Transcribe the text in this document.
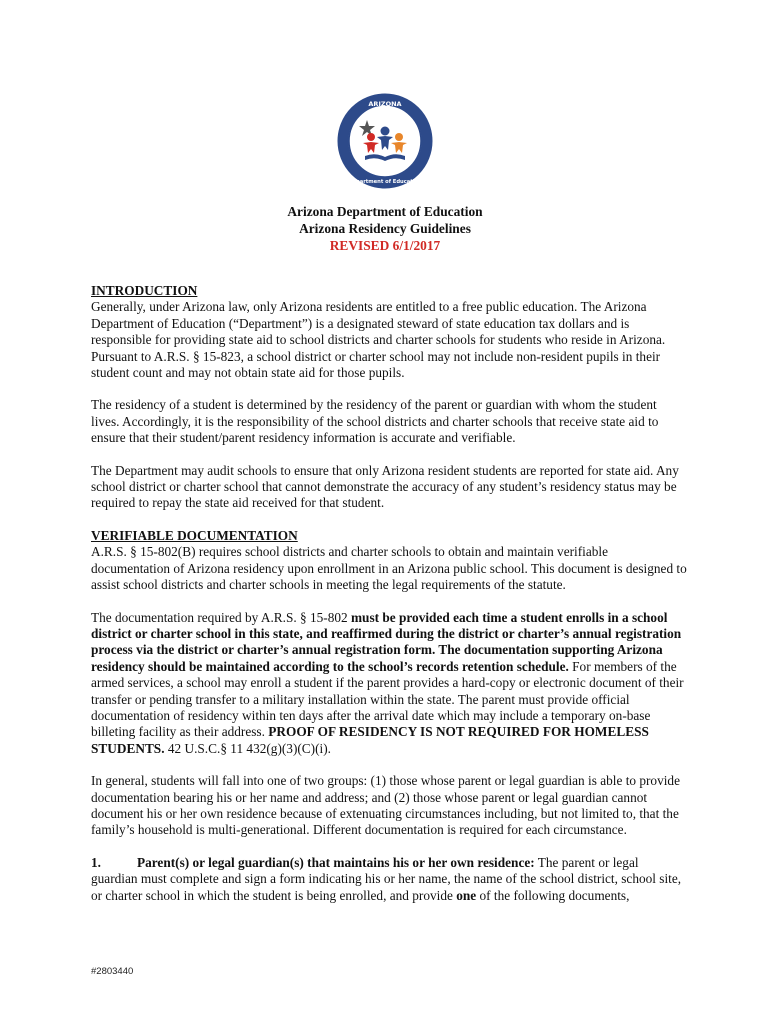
ARIZONA
Department of Education
Arizona Department of Education
Arizona Residency Guidelines
REVISED 6/1/2017

INTRODUCTION

Generally, under Arizona law, only Arizona residents are entitled to a free public education. The Arizona Department of Education (“Department”) is a designated steward of state education tax dollars and is responsible for providing state aid to school districts and charter schools for students who reside in Arizona. Pursuant to A.R.S. § 15-823, a school district or charter school may not include non-resident pupils in their student count and may not obtain state aid for those pupils.

The residency of a student is determined by the residency of the parent or guardian with whom the student lives. Accordingly, it is the responsibility of the school districts and charter schools that receive state aid to ensure that their student/parent residency information is accurate and verifiable.

The Department may audit schools to ensure that only Arizona resident students are reported for state aid. Any school district or charter school that cannot demonstrate the accuracy of any student’s residency status may be required to repay the state aid received for that student.

VERIFIABLE DOCUMENTATION

A.R.S. § 15-802(B) requires school districts and charter schools to obtain and maintain verifiable documentation of Arizona residency upon enrollment in an Arizona public school. This document is designed to assist school districts and charter schools in meeting the legal requirements of the statute.

The documentation required by A.R.S. § 15-802 must be provided each time a student enrolls in a school district or charter school in this state, and reaffirmed during the district or charter’s annual registration process via the district or charter’s annual registration form. The documentation supporting Arizona residency should be maintained according to the school’s records retention schedule. For members of the armed services, a school may enroll a student if the parent provides a hard-copy or electronic document of their transfer or pending transfer to a military installation within the state. The parent must provide official documentation of residency within ten days after the arrival date which may include a temporary on-base billeting facility as their address. PROOF OF RESIDENCY IS NOT REQUIRED FOR HOMELESS STUDENTS. 42 U.S.C.§ 11 432(g)(3)(C)(i).

In general, students will fall into one of two groups: (1) those whose parent or legal guardian is able to provide documentation bearing his or her name and address; and (2) those whose parent or legal guardian cannot document his or her own residence because of extenuating circumstances including, but not limited to, that the family’s household is multi-generational. Different documentation is required for each circumstance.

1.	Parent(s) or legal guardian(s) that maintains his or her own residence: The parent or legal guardian must complete and sign a form indicating his or her name, the name of the school district, school site, or charter school in which the student is being enrolled, and provide one of the following documents,

#2803440
